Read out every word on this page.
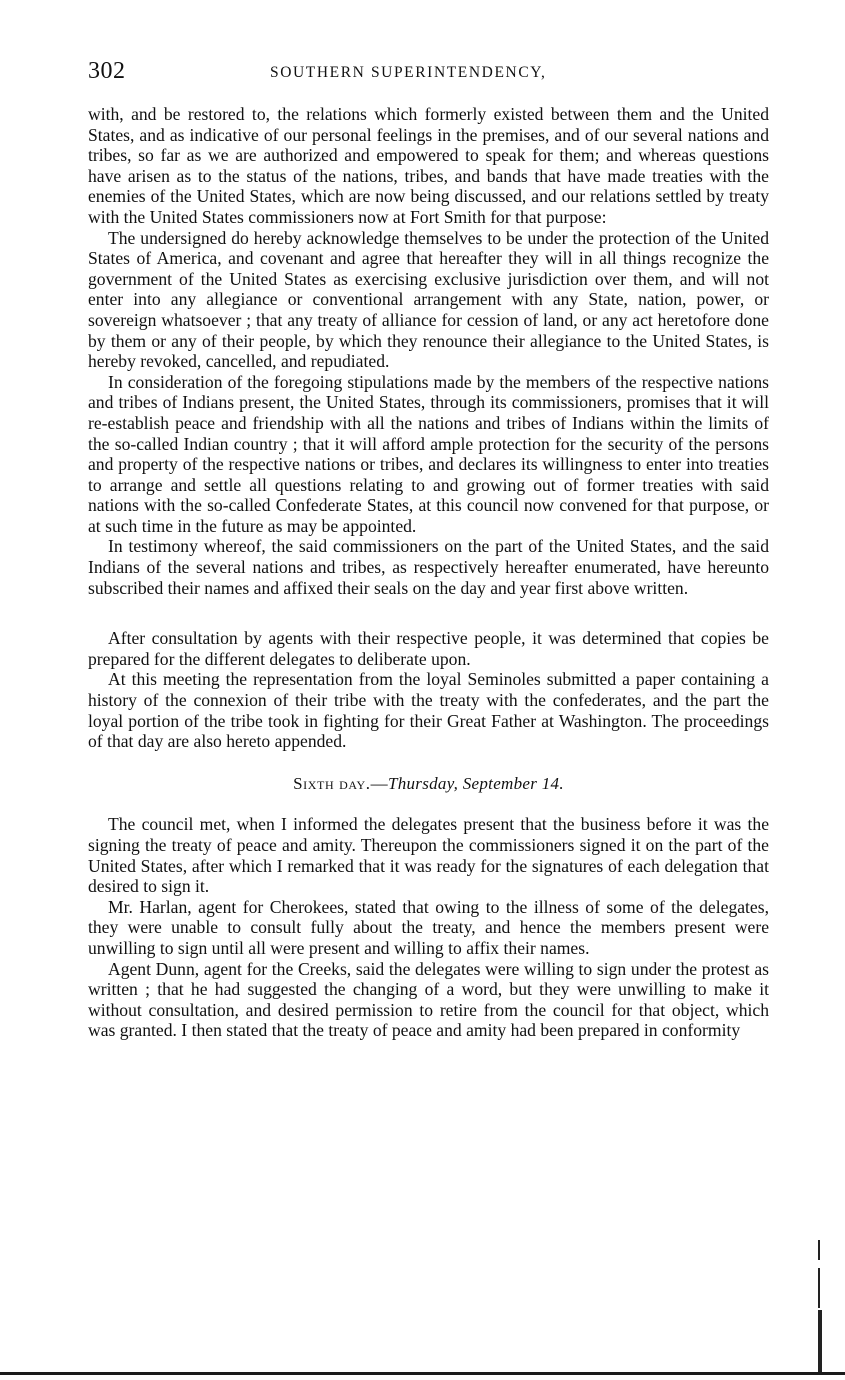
302	SOUTHERN SUPERINTENDENCY,

with, and be restored to, the relations which formerly existed between them and the United States, and as indicative of our personal feelings in the premises, and of our several nations and tribes, so far as we are authorized and empowered to speak for them; and whereas questions have arisen as to the status of the nations, tribes, and bands that have made treaties with the enemies of the United States, which are now being discussed, and our relations settled by treaty with the United States commissioners now at Fort Smith for that purpose:

The undersigned do hereby acknowledge themselves to be under the protection of the United States of America, and covenant and agree that hereafter they will in all things recognize the government of the United States as exercising exclusive jurisdiction over them, and will not enter into any allegiance or conventional arrangement with any State, nation, power, or sovereign whatsoever ; that any treaty of alliance for cession of land, or any act heretofore done by them or any of their people, by which they renounce their allegiance to the United States, is hereby revoked, cancelled, and repudiated.

In consideration of the foregoing stipulations made by the members of the respective nations and tribes of Indians present, the United States, through its commissioners, promises that it will re-establish peace and friendship with all the nations and tribes of Indians within the limits of the so-called Indian country ; that it will afford ample protection for the security of the persons and property of the respective nations or tribes, and declares its willingness to enter into treaties to arrange and settle all questions relating to and growing out of former treaties with said nations with the so-called Confederate States, at this council now convened for that purpose, or at such time in the future as may be appointed.

In testimony whereof, the said commissioners on the part of the United States, and the said Indians of the several nations and tribes, as respectively hereafter enumerated, have hereunto subscribed their names and affixed their seals on the day and year first above written.

After consultation by agents with their respective people, it was determined that copies be prepared for the different delegates to deliberate upon.

At this meeting the representation from the loyal Seminoles submitted a paper containing a history of the connexion of their tribe with the treaty with the confederates, and the part the loyal portion of the tribe took in fighting for their Great Father at Washington. The proceedings of that day are also hereto appended.

Sixth day.—Thursday, September 14.

The council met, when I informed the delegates present that the business before it was the signing the treaty of peace and amity. Thereupon the commissioners signed it on the part of the United States, after which I remarked that it was ready for the signatures of each delegation that desired to sign it.

Mr. Harlan, agent for Cherokees, stated that owing to the illness of some of the delegates, they were unable to consult fully about the treaty, and hence the members present were unwilling to sign until all were present and willing to affix their names.

Agent Dunn, agent for the Creeks, said the delegates were willing to sign under the protest as written ; that he had suggested the changing of a word, but they were unwilling to make it without consultation, and desired permission to retire from the council for that object, which was granted. I then stated that the treaty of peace and amity had been prepared in conformity
